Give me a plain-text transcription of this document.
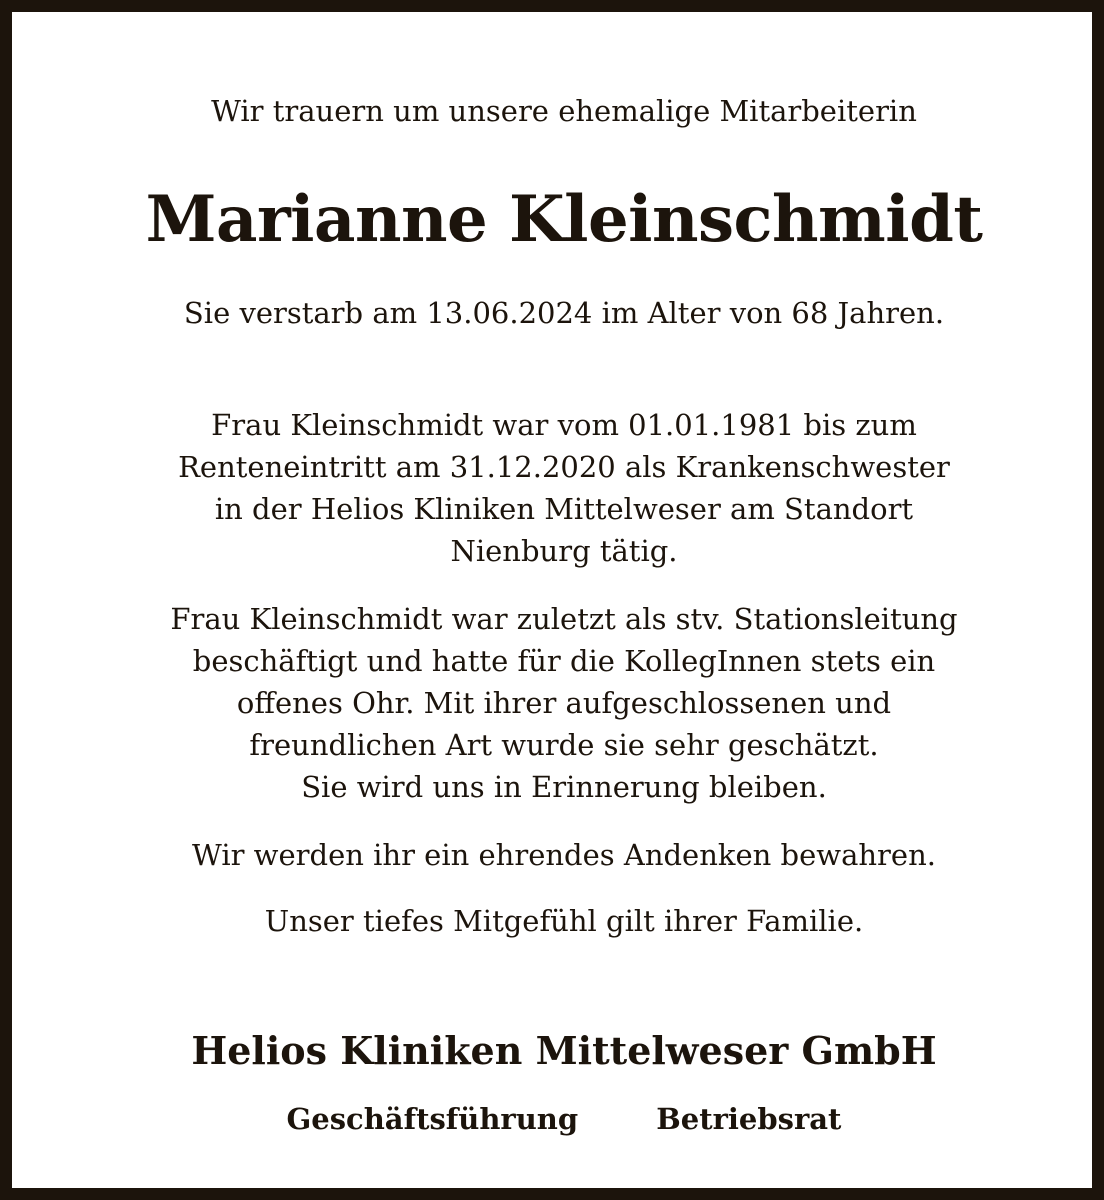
Wir trauern um unsere ehemalige Mitarbeiterin

Marianne Kleinschmidt

Sie verstarb am 13.06.2024 im Alter von 68 Jahren.

Frau Kleinschmidt war vom 01.01.1981 bis zum
Renteneintritt am 31.12.2020 als Krankenschwester
in der Helios Kliniken Mittelweser am Standort
Nienburg tätig.

Frau Kleinschmidt war zuletzt als stv. Stationsleitung
beschäftigt und hatte für die KollegInnen stets ein
offenes Ohr. Mit ihrer aufgeschlossenen und
freundlichen Art wurde sie sehr geschätzt.
Sie wird uns in Erinnerung bleiben.

Wir werden ihr ein ehrendes Andenken bewahren.

Unser tiefes Mitgefühl gilt ihrer Familie.

Helios Kliniken Mittelweser GmbH

Geschäftsführung	Betriebsrat
